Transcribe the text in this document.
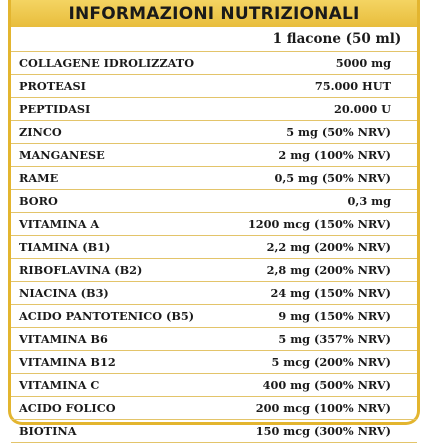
INFORMAZIONI NUTRIZIONALI
1 flacone (50 ml)
COLLAGENE IDROLIZZATO	5000 mg
PROTEASI	75.000 HUT
PEPTIDASI	20.000 U
ZINCO	5 mg (50% NRV)
MANGANESE	2 mg (100% NRV)
RAME	0,5 mg (50% NRV)
BORO	0,3 mg
VITAMINA A	1200 mcg (150% NRV)
TIAMINA (B1)	2,2 mg (200% NRV)
RIBOFLAVINA (B2)	2,8 mg (200% NRV)
NIACINA (B3)	24 mg (150% NRV)
ACIDO PANTOTENICO (B5)	9 mg (150% NRV)
VITAMINA B6	5 mg (357% NRV)
VITAMINA B12	5 mcg (200% NRV)
VITAMINA C	400 mg (500% NRV)
ACIDO FOLICO	200 mcg (100% NRV)
BIOTINA	150 mcg (300% NRV)
